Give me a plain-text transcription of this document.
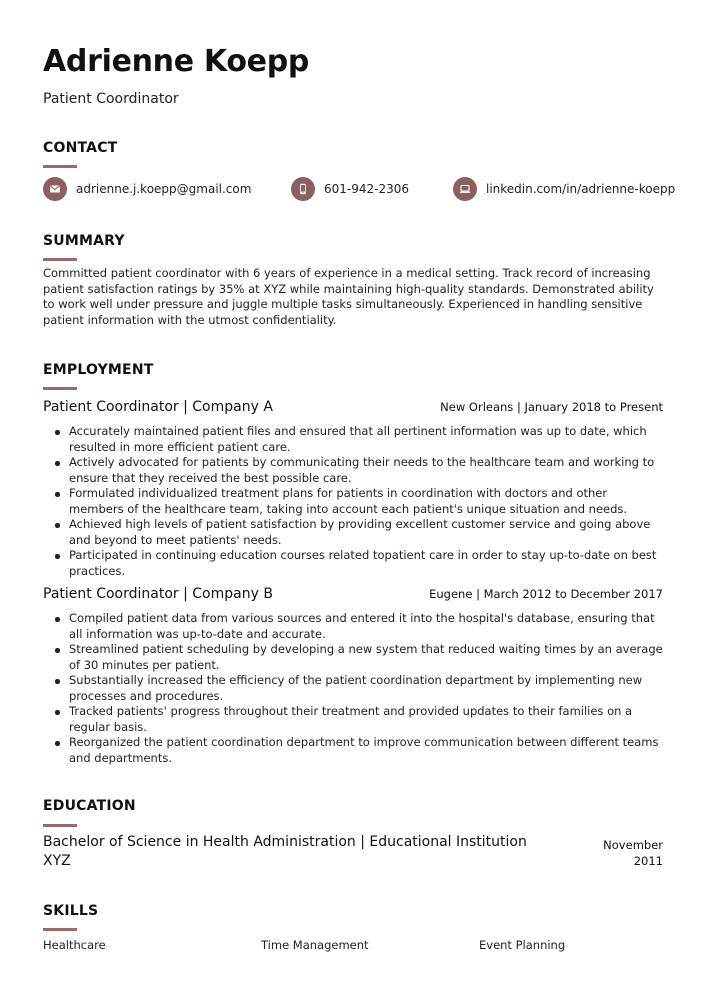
Adrienne Koepp
Patient Coordinator
CONTACT
adrienne.j.koepp@gmail.com	601-942-2306	linkedin.com/in/adrienne-koepp
SUMMARY

Committed patient coordinator with 6 years of experience in a medical setting. Track record of increasing patient satisfaction ratings by 35% at XYZ while maintaining high-quality standards. Demonstrated ability to work well under pressure and juggle multiple tasks simultaneously. Experienced in handling sensitive patient information with the utmost confidentiality.

EMPLOYMENT
Patient Coordinator | Company A	New Orleans | January 2018 to Present
Accurately maintained patient files and ensured that all pertinent information was up to date, which resulted in more efficient patient care.
Actively advocated for patients by communicating their needs to the healthcare team and working to ensure that they received the best possible care.
Formulated individualized treatment plans for patients in coordination with doctors and other members of the healthcare team, taking into account each patient's unique situation and needs.
Achieved high levels of patient satisfaction by providing excellent customer service and going above and beyond to meet patients' needs.
Participated in continuing education courses related topatient care in order to stay up-to-date on best practices.
Patient Coordinator | Company B	Eugene | March 2012 to December 2017
Compiled patient data from various sources and entered it into the hospital's database, ensuring that all information was up-to-date and accurate.
Streamlined patient scheduling by developing a new system that reduced waiting times by an average of 30 minutes per patient.
Substantially increased the efficiency of the patient coordination department by implementing new processes and procedures.
Tracked patients' progress throughout their treatment and provided updates to their families on a regular basis.
Reorganized the patient coordination department to improve communication between different teams and departments.
EDUCATION
Bachelor of Science in Health Administration | Educational Institution XYZ
November 2011
SKILLS
Healthcare	Time Management	Event Planning
